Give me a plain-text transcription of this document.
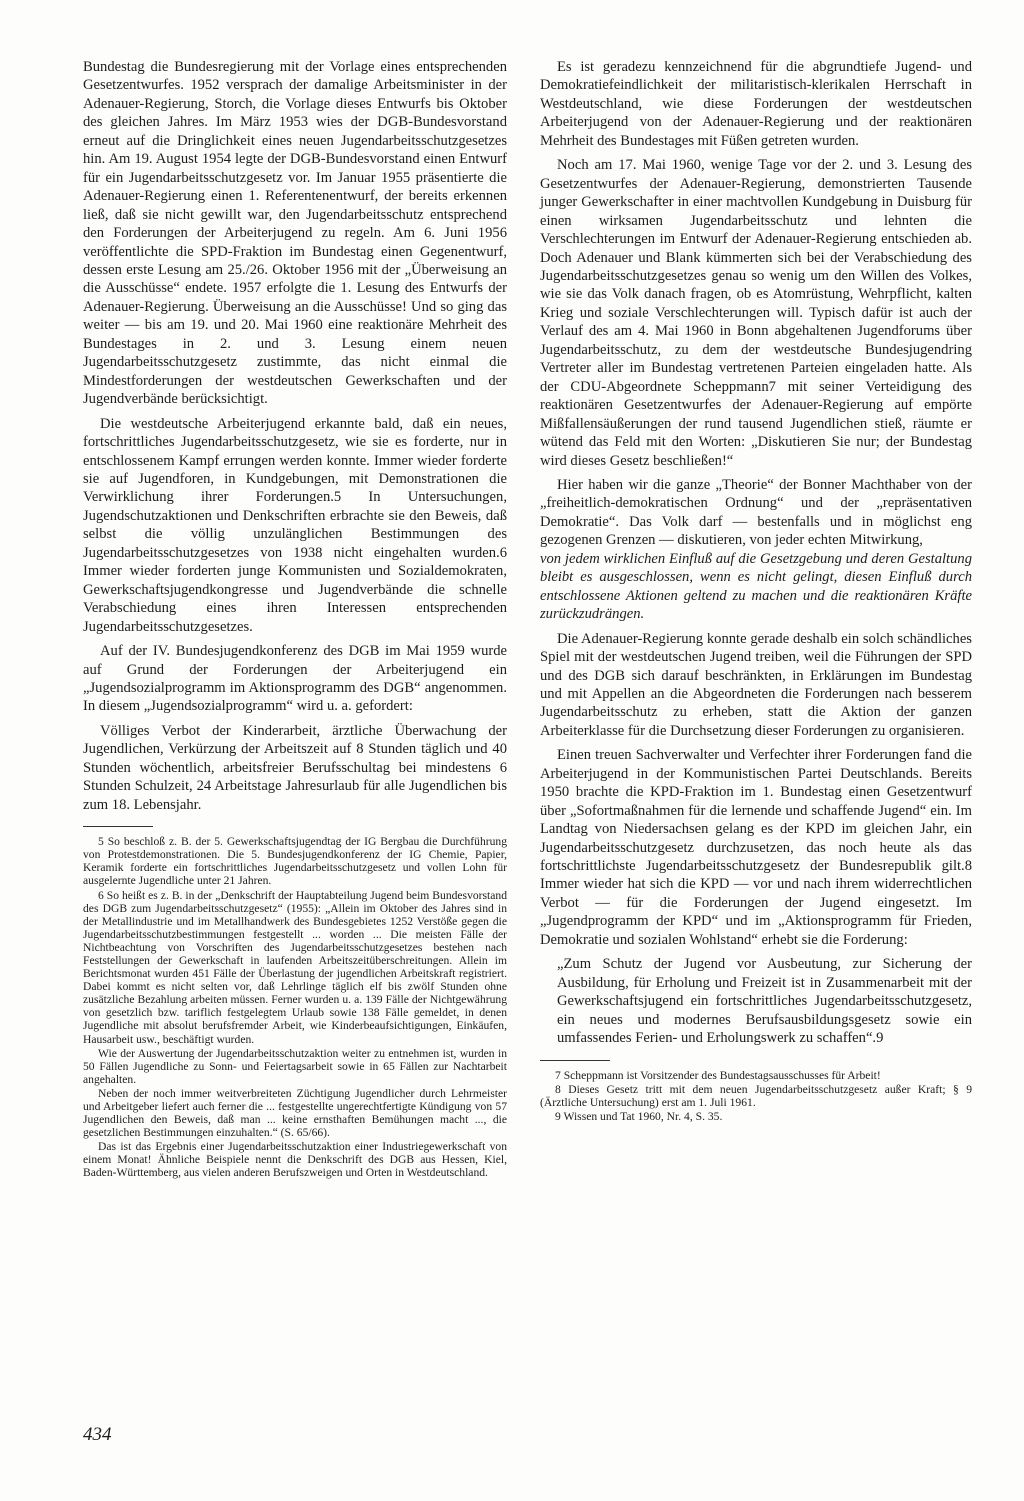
Bundestag die Bundesregierung mit der Vorlage eines entsprechenden Gesetzentwurfes. 1952 versprach der damalige Arbeitsminister in der Adenauer-Regierung, Storch, die Vorlage dieses Entwurfs bis Oktober des gleichen Jahres. Im März 1953 wies der DGB-Bundesvorstand erneut auf die Dringlichkeit eines neuen Jugendarbeitsschutzgesetzes hin. Am 19. August 1954 legte der DGB-Bundesvorstand einen Entwurf für ein Jugendarbeitsschutzgesetz vor. Im Januar 1955 präsentierte die Adenauer-Regierung einen 1. Referentenentwurf, der bereits erkennen ließ, daß sie nicht gewillt war, den Jugendarbeitsschutz entsprechend den Forderungen der Arbeiterjugend zu regeln. Am 6. Juni 1956 veröffentlichte die SPD-Fraktion im Bundestag einen Gegenentwurf, dessen erste Lesung am 25./26. Oktober 1956 mit der „Überweisung an die Ausschüsse“ endete. 1957 erfolgte die 1. Lesung des Entwurfs der Adenauer-Regierung. Überweisung an die Ausschüsse! Und so ging das weiter — bis am 19. und 20. Mai 1960 eine reaktionäre Mehrheit des Bundestages in 2. und 3. Lesung einem neuen Jugendarbeitsschutzgesetz zustimmte, das nicht einmal die Mindestforderungen der westdeutschen Gewerkschaften und der Jugendverbände berücksichtigt.

Die westdeutsche Arbeiterjugend erkannte bald, daß ein neues, fortschrittliches Jugendarbeitsschutzgesetz, wie sie es forderte, nur in entschlossenem Kampf errungen werden konnte. Immer wieder forderte sie auf Jugendforen, in Kundgebungen, mit Demonstrationen die Verwirklichung ihrer Forderungen.5 In Untersuchungen, Jugendschutzaktionen und Denkschriften erbrachte sie den Beweis, daß selbst die völlig unzulänglichen Bestimmungen des Jugendarbeitsschutzgesetzes von 1938 nicht eingehalten wurden.6 Immer wieder forderten junge Kommunisten und Sozialdemokraten, Gewerkschaftsjugendkongresse und Jugendverbände die schnelle Verabschiedung eines ihren Interessen entsprechenden Jugendarbeitsschutzgesetzes.

Auf der IV. Bundesjugendkonferenz des DGB im Mai 1959 wurde auf Grund der Forderungen der Arbeiterjugend ein „Jugendsozialprogramm im Aktionsprogramm des DGB“ angenommen. In diesem „Jugendsozialprogramm“ wird u. a. gefordert:

Völliges Verbot der Kinderarbeit, ärztliche Überwachung der Jugendlichen, Verkürzung der Arbeitszeit auf 8 Stunden täglich und 40 Stunden wöchentlich, arbeitsfreier Berufsschultag bei mindestens 6 Stunden Schulzeit, 24 Arbeitstage Jahresurlaub für alle Jugendlichen bis zum 18. Lebensjahr.

5 So beschloß z. B. der 5. Gewerkschaftsjugendtag der IG Bergbau die Durchführung von Protestdemonstrationen. Die 5. Bundesjugendkonferenz der IG Chemie, Papier, Keramik forderte ein fortschrittliches Jugendarbeitsschutzgesetz und vollen Lohn für ausgelernte Jugendliche unter 21 Jahren.

6 So heißt es z. B. in der „Denkschrift der Hauptabteilung Jugend beim Bundesvorstand des DGB zum Jugendarbeitsschutzgesetz“ (1955): „Allein im Oktober des Jahres sind in der Metallindustrie und im Metallhandwerk des Bundesgebietes 1252 Verstöße gegen die Jugendarbeitsschutzbestimmungen festgestellt ... worden ... Die meisten Fälle der Nichtbeachtung von Vorschriften des Jugendarbeitsschutzgesetzes bestehen nach Feststellungen der Gewerkschaft in laufenden Arbeitszeitüberschreitungen. Allein im Berichtsmonat wurden 451 Fälle der Überlastung der jugendlichen Arbeitskraft registriert. Dabei kommt es nicht selten vor, daß Lehrlinge täglich elf bis zwölf Stunden ohne zusätzliche Bezahlung arbeiten müssen. Ferner wurden u. a. 139 Fälle der Nichtgewährung von gesetzlich bzw. tariflich festgelegtem Urlaub sowie 138 Fälle gemeldet, in denen Jugendliche mit absolut berufsfremder Arbeit, wie Kinderbeaufsichtigungen, Einkäufen, Hausarbeit usw., beschäftigt wurden.

Wie der Auswertung der Jugendarbeitsschutzaktion weiter zu entnehmen ist, wurden in 50 Fällen Jugendliche zu Sonn- und Feiertagsarbeit sowie in 65 Fällen zur Nachtarbeit angehalten.

Neben der noch immer weitverbreiteten Züchtigung Jugendlicher durch Lehrmeister und Arbeitgeber liefert auch ferner die ... festgestellte ungerechtfertigte Kündigung von 57 Jugendlichen den Beweis, daß man ... keine ernsthaften Bemühungen macht ..., die gesetzlichen Bestimmungen einzuhalten.“ (S. 65/66).

Das ist das Ergebnis einer Jugendarbeitsschutzaktion einer Industriegewerkschaft von einem Monat! Ähnliche Beispiele nennt die Denkschrift des DGB aus Hessen, Kiel, Baden-Württemberg, aus vielen anderen Berufszweigen und Orten in Westdeutschland.

Es ist geradezu kennzeichnend für die abgrundtiefe Jugend- und Demokratiefeindlichkeit der militaristisch-klerikalen Herrschaft in Westdeutschland, wie diese Forderungen der westdeutschen Arbeiterjugend von der Adenauer-Regierung und der reaktionären Mehrheit des Bundestages mit Füßen getreten wurden.

Noch am 17. Mai 1960, wenige Tage vor der 2. und 3. Lesung des Gesetzentwurfes der Adenauer-Regierung, demonstrierten Tausende junger Gewerkschafter in einer machtvollen Kundgebung in Duisburg für einen wirksamen Jugendarbeitsschutz und lehnten die Verschlechterungen im Entwurf der Adenauer-Regierung entschieden ab. Doch Adenauer und Blank kümmerten sich bei der Verabschiedung des Jugendarbeitsschutzgesetzes genau so wenig um den Willen des Volkes, wie sie das Volk danach fragen, ob es Atomrüstung, Wehrpflicht, kalten Krieg und soziale Verschlechterungen will. Typisch dafür ist auch der Verlauf des am 4. Mai 1960 in Bonn abgehaltenen Jugendforums über Jugendarbeitsschutz, zu dem der westdeutsche Bundesjugendring Vertreter aller im Bundestag vertretenen Parteien eingeladen hatte. Als der CDU-Abgeordnete Scheppmann7 mit seiner Verteidigung des reaktionären Gesetzentwurfes der Adenauer-Regierung auf empörte Mißfallensäußerungen der rund tausend Jugendlichen stieß, räumte er wütend das Feld mit den Worten: „Diskutieren Sie nur; der Bundestag wird dieses Gesetz beschließen!“

Hier haben wir die ganze „Theorie“ der Bonner Machthaber von der „freiheitlich-demokratischen Ordnung“ und der „repräsentativen Demokratie“. Das Volk darf — bestenfalls und in möglichst eng gezogenen Grenzen — diskutieren, von jeder echten Mitwirkung,

von jedem wirklichen Einfluß auf die Gesetzgebung und deren Gestaltung bleibt es ausgeschlossen, wenn es nicht gelingt, diesen Einfluß durch entschlossene Aktionen geltend zu machen und die reaktionären Kräfte zurückzudrängen.

Die Adenauer-Regierung konnte gerade deshalb ein solch schändliches Spiel mit der westdeutschen Jugend treiben, weil die Führungen der SPD und des DGB sich darauf beschränkten, in Erklärungen im Bundestag und mit Appellen an die Abgeordneten die Forderungen nach besserem Jugendarbeitsschutz zu erheben, statt die Aktion der ganzen Arbeiterklasse für die Durchsetzung dieser Forderungen zu organisieren.

Einen treuen Sachverwalter und Verfechter ihrer Forderungen fand die Arbeiterjugend in der Kommunistischen Partei Deutschlands. Bereits 1950 brachte die KPD-Fraktion im 1. Bundestag einen Gesetzentwurf über „Sofortmaßnahmen für die lernende und schaffende Jugend“ ein. Im Landtag von Niedersachsen gelang es der KPD im gleichen Jahr, ein Jugendarbeitsschutzgesetz durchzusetzen, das noch heute als das fortschrittlichste Jugendarbeitsschutzgesetz der Bundesrepublik gilt.8 Immer wieder hat sich die KPD — vor und nach ihrem widerrechtlichen Verbot — für die Forderungen der Jugend eingesetzt. Im „Jugendprogramm der KPD“ und im „Aktionsprogramm für Frieden, Demokratie und sozialen Wohlstand“ erhebt sie die Forderung:

„Zum Schutz der Jugend vor Ausbeutung, zur Sicherung der Ausbildung, für Erholung und Freizeit ist in Zusammenarbeit mit der Gewerkschaftsjugend ein fortschrittliches Jugendarbeitsschutzgesetz, ein neues und modernes Berufsausbildungsgesetz sowie ein umfassendes Ferien- und Erholungswerk zu schaffen“.9

7 Scheppmann ist Vorsitzender des Bundestagsausschusses für Arbeit!

8 Dieses Gesetz tritt mit dem neuen Jugendarbeitsschutzgesetz außer Kraft; § 9 (Ärztliche Untersuchung) erst am 1. Juli 1961.

9 Wissen und Tat 1960, Nr. 4, S. 35.

434
